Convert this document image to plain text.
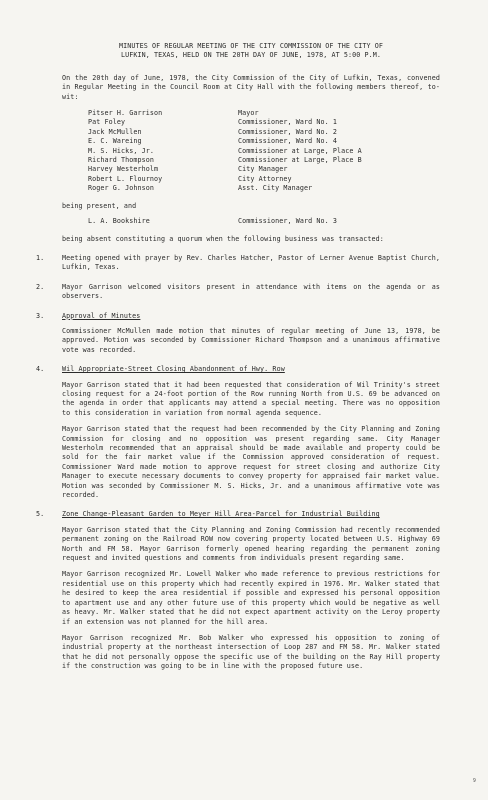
MINUTES OF REGULAR MEETING OF THE CITY COMMISSION OF THE CITY OF
LUFKIN, TEXAS, HELD ON THE 20TH DAY OF JUNE, 1978, AT 5:00 P.M.

On the 20th day of June, 1978, the City Commission of the City of Lufkin, Texas, convened in Regular Meeting in the Council Room at City Hall with the following members thereof, to-wit:

Pitser H. Garrison	Mayor
Pat Foley	Commissioner, Ward No. 1
Jack McMullen	Commissioner, Ward No. 2
E. C. Wareing	Commissioner, Ward No. 4
M. S. Hicks, Jr.	Commissioner at Large, Place A
Richard Thompson	Commissioner at Large, Place B
Harvey Westerholm	City Manager
Robert L. Flournoy	City Attorney
Roger G. Johnson	Asst. City Manager
being present, and
L. A. Bookshire	Commissioner, Ward No. 3

being absent constituting a quorum when the following business was transacted:

1.	Meeting opened with prayer by Rev. Charles Hatcher, Pastor of Lerner Avenue Baptist Church, Lufkin, Texas.
2.	Mayor Garrison welcomed visitors present in attendance with items on the agenda or as observers.
3.	Approval of Minutes

Commissioner McMullen made motion that minutes of regular meeting of June 13, 1978, be approved. Motion was seconded by Commissioner Richard Thompson and a unanimous affirmative vote was recorded.

4.	Wil Appropriate-Street Closing Abandonment of Hwy. Row

Mayor Garrison stated that it had been requested that consideration of Wil Trinity's street closing request for a 24-foot portion of the Row running North from U.S. 69 be advanced on the agenda in order that applicants may attend a special meeting. There was no opposition to this consideration in variation from normal agenda sequence.

Mayor Garrison stated that the request had been recommended by the City Planning and Zoning Commission for closing and no opposition was present regarding same. City Manager Westerholm recommended that an appraisal should be made available and property could be sold for the fair market value if the Commission approved consideration of request. Commissioner Ward made motion to approve request for street closing and authorize City Manager to execute necessary documents to convey property for appraised fair market value. Motion was seconded by Commissioner M. S. Hicks, Jr. and a unanimous affirmative vote was recorded.

5.	Zone Change-Pleasant Garden to Meyer Hill Area-Parcel for Industrial Building

Mayor Garrison stated that the City Planning and Zoning Commission had recently recommended permanent zoning on the Railroad ROW now covering property located between U.S. Highway 69 North and FM 58. Mayor Garrison formerly opened hearing regarding the permanent zoning request and invited questions and comments from individuals present regarding same.

Mayor Garrison recognized Mr. Lowell Walker who made reference to previous restrictions for residential use on this property which had recently expired in 1976. Mr. Walker stated that he desired to keep the area residential if possible and expressed his personal opposition to apartment use and any other future use of this property which would be negative as well as heavy. Mr. Walker stated that he did not expect apartment activity on the Leroy property if an extension was not planned for the hill area.

Mayor Garrison recognized Mr. Bob Walker who expressed his opposition to zoning of industrial property at the northeast intersection of Loop 287 and FM 58. Mr. Walker stated that he did not personally oppose the specific use of the building on the Ray Hill property if the construction was going to be in line with the proposed future use.

9
